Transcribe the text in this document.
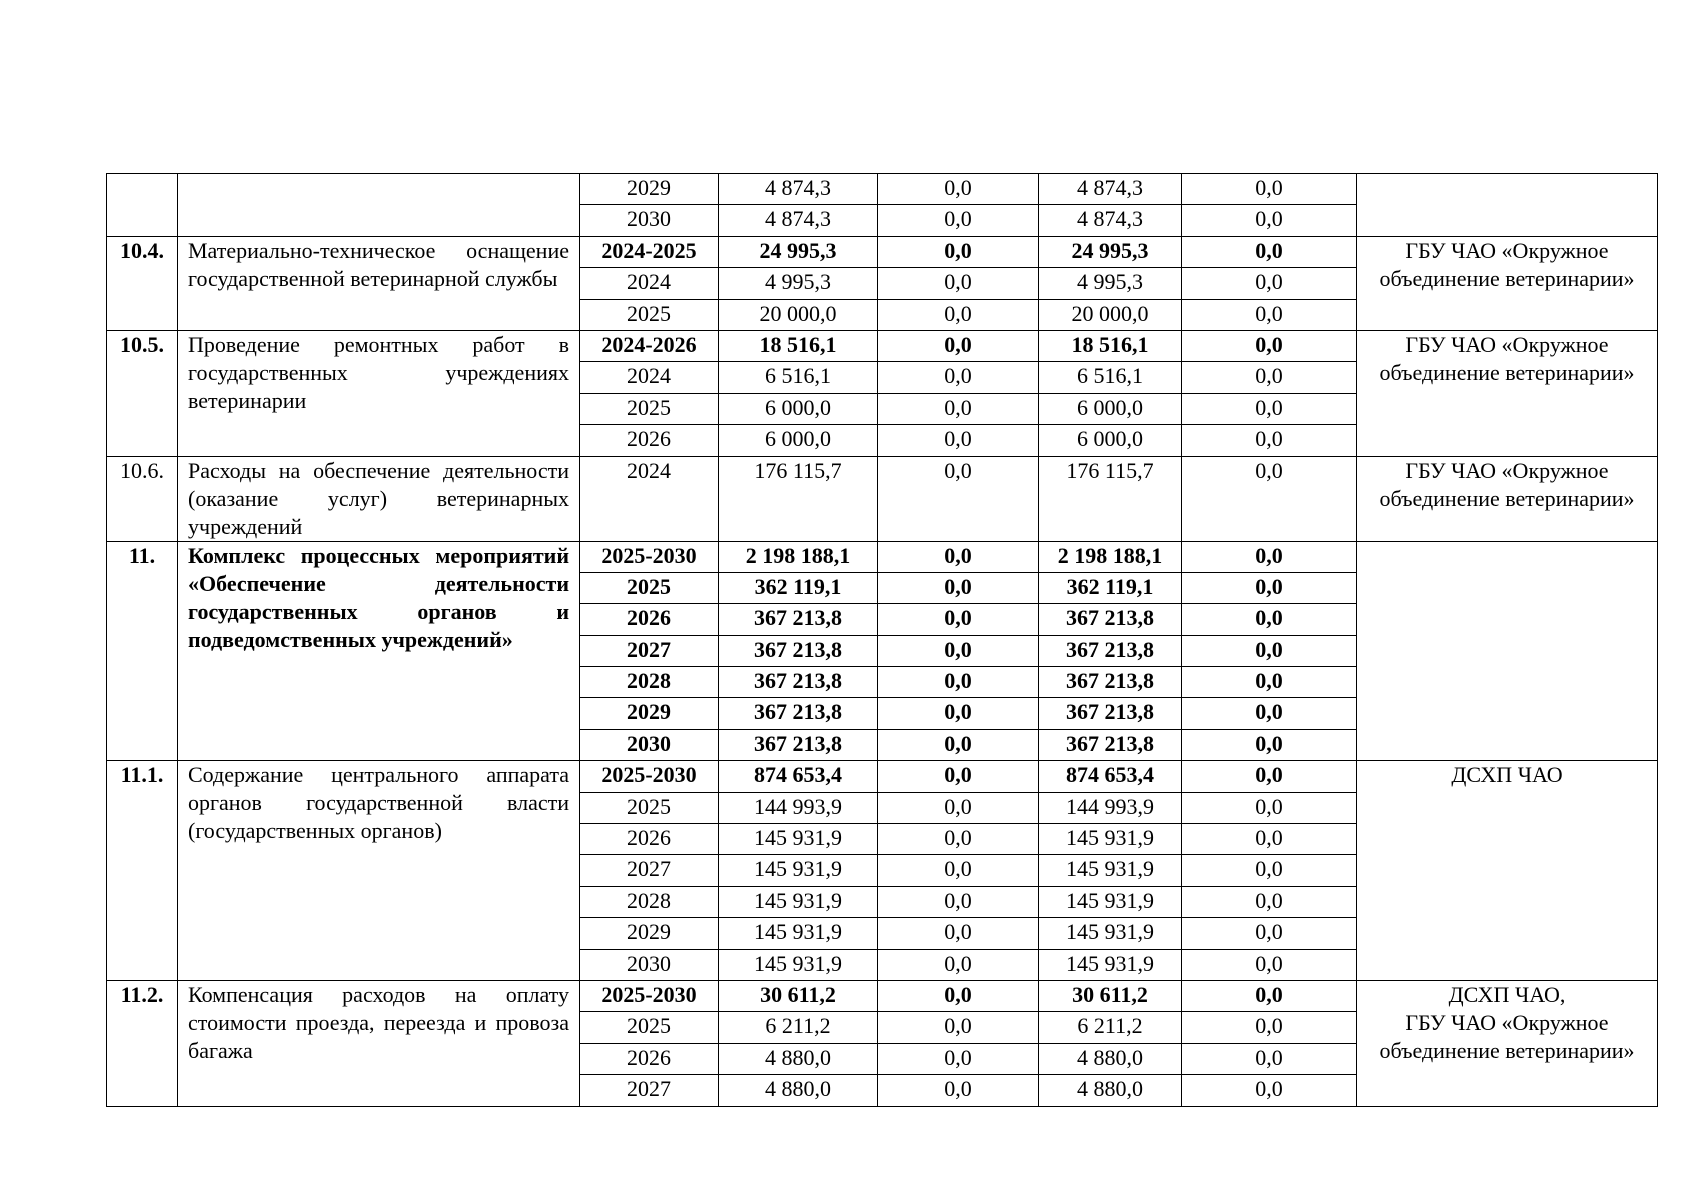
		2029	4 874,3	0,0	4 874,3	0,0	
		2030	4 874,3	0,0	4 874,3	0,0	
10.4.	Материально-техническое оснащение государственной ветеринарной службы	2024-2025	24 995,3	0,0	24 995,3	0,0	ГБУ ЧАО «Окружное объединение ветеринарии»
		2024	4 995,3	0,0	4 995,3	0,0	
		2025	20 000,0	0,0	20 000,0	0,0	
10.5.	Проведение ремонтных работ в государственных учреждениях ветеринарии	2024-2026	18 516,1	0,0	18 516,1	0,0	ГБУ ЧАО «Окружное объединение ветеринарии»
		2024	6 516,1	0,0	6 516,1	0,0	
		2025	6 000,0	0,0	6 000,0	0,0	
		2026	6 000,0	0,0	6 000,0	0,0	
10.6.	Расходы на обеспечение деятельности (оказание услуг) ветеринарных учреждений	2024	176 115,7	0,0	176 115,7	0,0	ГБУ ЧАО «Окружное объединение ветеринарии»
11.	Комплекс процессных мероприятий «Обеспечение деятельности государственных органов и подведомственных учреждений»	2025-2030	2 198 188,1	0,0	2 198 188,1	0,0	
		2025	362 119,1	0,0	362 119,1	0,0	
		2026	367 213,8	0,0	367 213,8	0,0	
		2027	367 213,8	0,0	367 213,8	0,0	
		2028	367 213,8	0,0	367 213,8	0,0	
		2029	367 213,8	0,0	367 213,8	0,0	
		2030	367 213,8	0,0	367 213,8	0,0	
11.1.	Содержание центрального аппарата органов государственной власти (государственных органов)	2025-2030	874 653,4	0,0	874 653,4	0,0	ДСХП ЧАО
		2025	144 993,9	0,0	144 993,9	0,0	
		2026	145 931,9	0,0	145 931,9	0,0	
		2027	145 931,9	0,0	145 931,9	0,0	
		2028	145 931,9	0,0	145 931,9	0,0	
		2029	145 931,9	0,0	145 931,9	0,0	
		2030	145 931,9	0,0	145 931,9	0,0	
11.2.	Компенсация расходов на оплату стоимости проезда, переезда и провоза багажа	2025-2030	30 611,2	0,0	30 611,2	0,0	ДСХП ЧАО,
ГБУ ЧАО «Окружное объединение ветеринарии»
		2025	6 211,2	0,0	6 211,2	0,0	
		2026	4 880,0	0,0	4 880,0	0,0	
		2027	4 880,0	0,0	4 880,0	0,0	
